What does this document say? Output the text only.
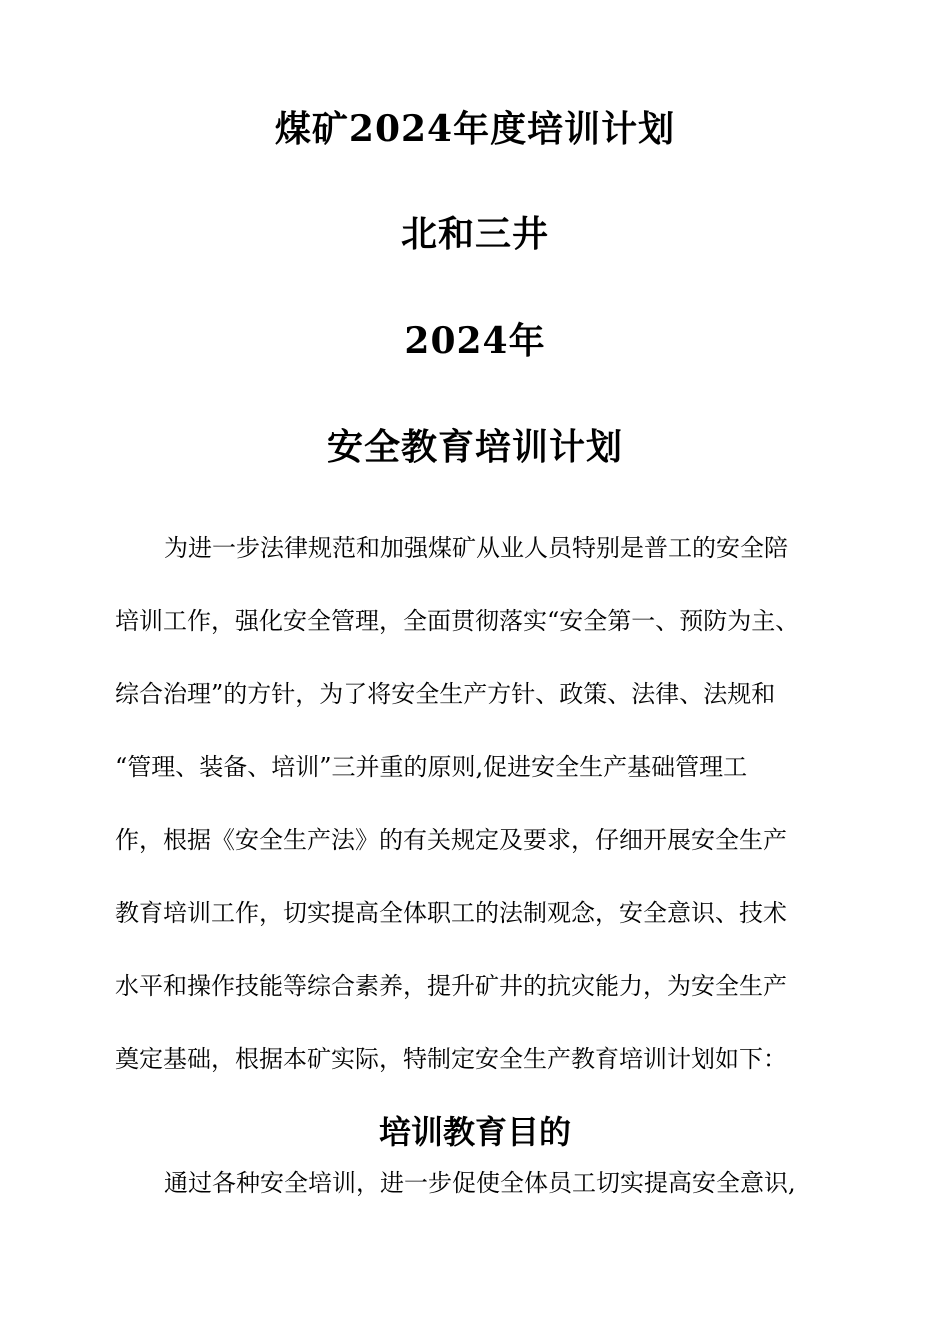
煤矿2024年度培训计划
北和三井
2024年
安全教育培训计划
为进一步法律规范和加强煤矿从业人员特别是普工的安全陪
培训工作，强化安全管理，全面贯彻落实“安全第一、预防为主、
综合治理”的方针，为了将安全生产方针、政策、法律、法规和
“管理、装备、培训”三并重的原则,促进安全生产基础管理工
作，根据《安全生产法》的有关规定及要求，仔细开展安全生产
教育培训工作，切实提高全体职工的法制观念，安全意识、技术
水平和操作技能等综合素养，提升矿井的抗灾能力，为安全生产
奠定基础，根据本矿实际，特制定安全生产教育培训计划如下：
培训教育目的
通过各种安全培训，进一步促使全体员工切实提高安全意识,
